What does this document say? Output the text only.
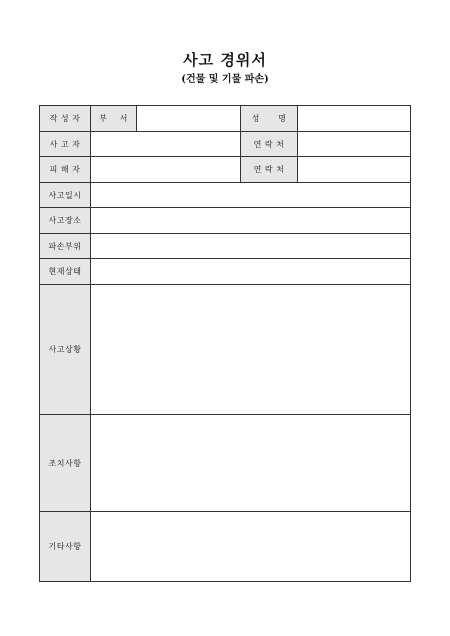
사고 경위서
(건물 및 기물 파손)
작 성 자	부    서		성      명	
사 고 자			연 락 처	
피 해 자			연 락 처	
사고일시				
사고장소				
파손부위				
현재상태				
사고상황				
조치사항				
기타사항				
